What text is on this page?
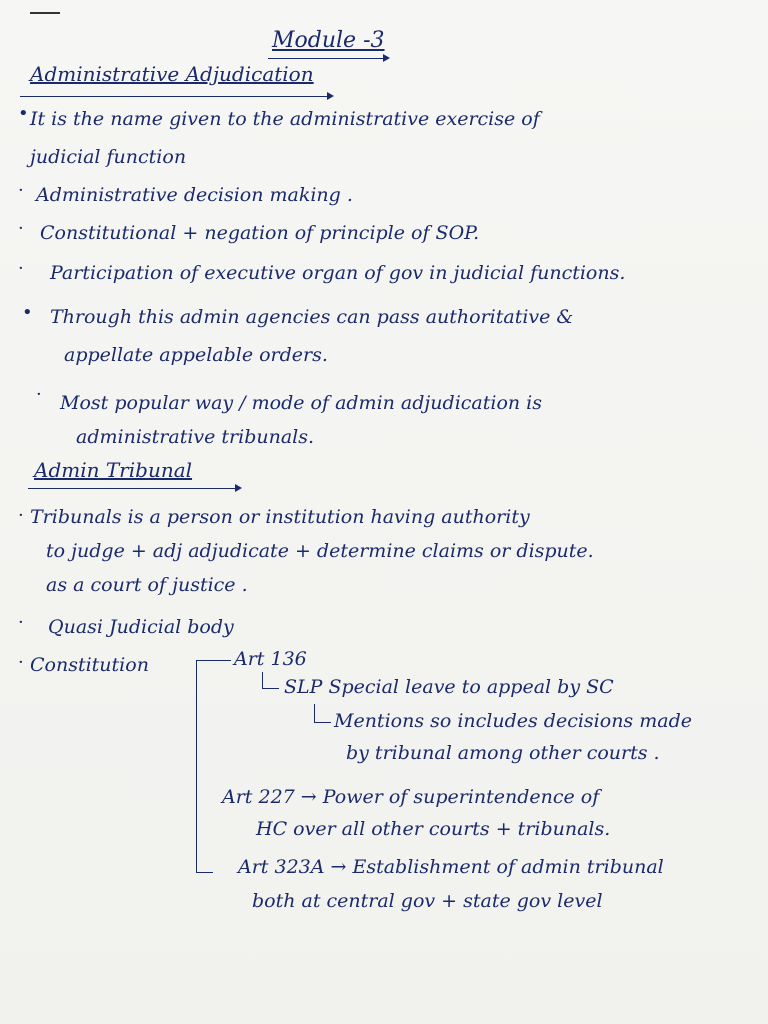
Module -3
Administrative Adjudication
• It is the name given to the administrative exercise of
judicial function
· Administrative decision making .
· Constitutional + negation of principle of SOP.
· Participation of executive organ of gov in judicial functions.
• Through this admin agencies can pass authoritative &
appellate appelable orders.
· Most popular way / mode of admin adjudication is
administrative tribunals.
Admin Tribunal
· Tribunals is a person or institution having authority
to judge + adj adjudicate + determine claims or dispute.
as a court of justice .
· Quasi Judicial body
· Constitution	Art 136
SLP Special leave to appeal by SC
Mentions so includes decisions made
by tribunal among other courts .
Art 227 → Power of superintendence of
HC over all other courts + tribunals.
Art 323A → Establishment of admin tribunal
both at central gov + state gov level
